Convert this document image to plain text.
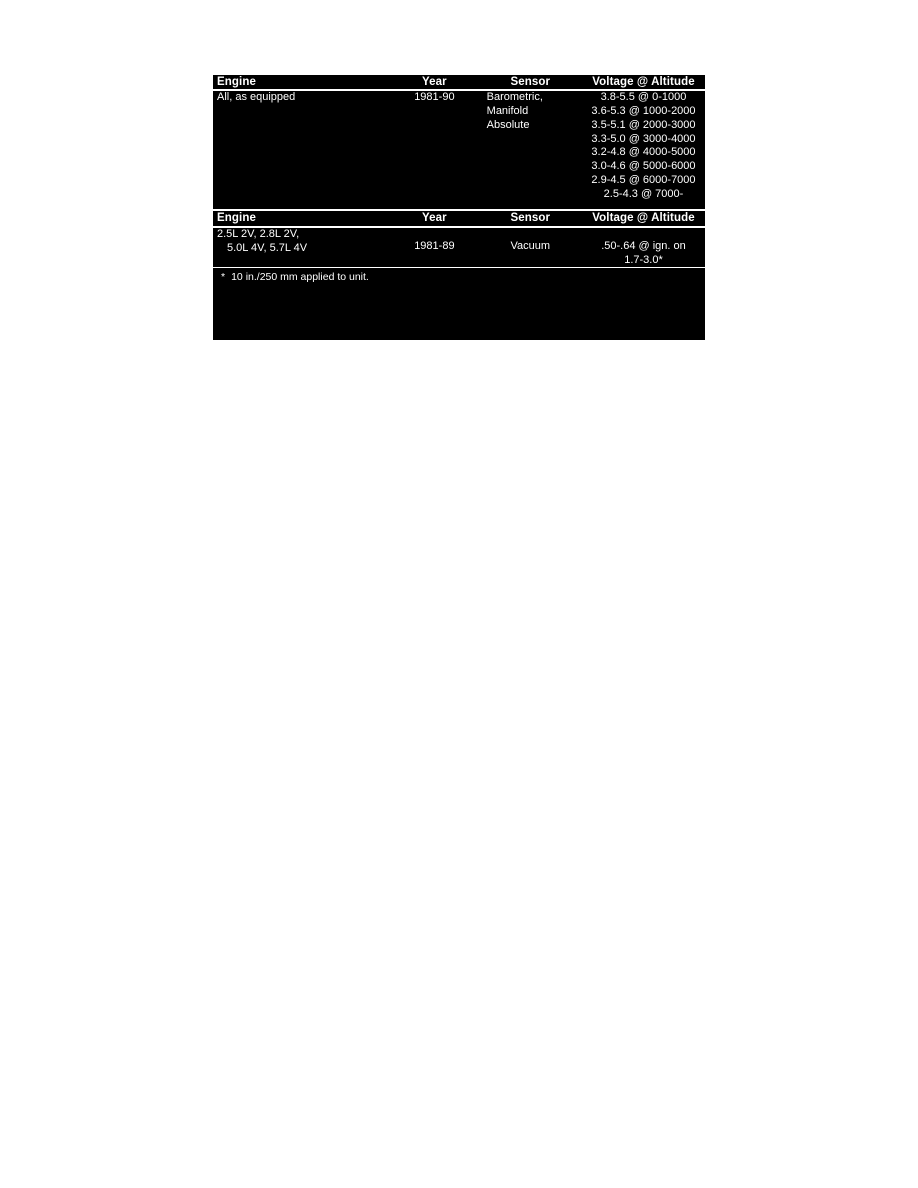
Engine	Year	Sensor	Voltage @ Altitude

All, as equipped	1981-90	Barometric,
Manifold
Absolute

3.8-5.5 @ 0-1000
3.6-5.3 @ 1000-2000
3.5-5.1 @ 2000-3000
3.3-5.0 @ 3000-4000
3.2-4.8 @ 4000-5000
3.0-4.6 @ 5000-6000
2.9-4.5 @ 6000-7000
2.5-4.3 @ 7000-

Engine	Year	Sensor	Voltage @ Altitude

2.5L 2V, 2.8L 2V,
5.0L 4V, 5.7L 4V	1981-89	Vacuum	.50-.64 @ ign. on
1.7-3.0*

* 10 in./250 mm applied to unit.			
